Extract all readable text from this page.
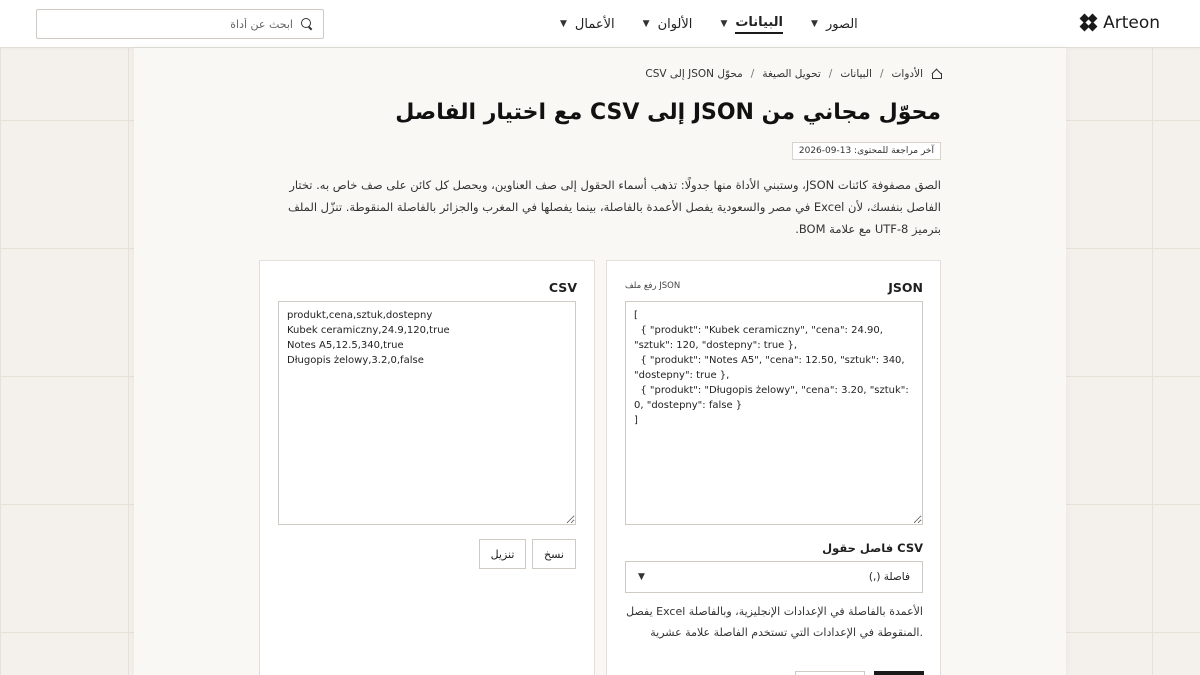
Arteon
الصور
▼
البيانات
▼
الألوان
▼
الأعمال
▼
ابحث عن أداة
الأدوات
/
البيانات
/
تحويل الصيغة
/
محوّل JSON إلى CSV
محوّل مجاني من JSON إلى CSV مع اختيار الفاصل
آخر مراجعة للمحتوى: 13-09-2026

الصق مصفوفة كائنات JSON، وستبني الأداة منها جدولًا: تذهب أسماء الحقول إلى صف العناوين، ويحصل كل كائن على صف خاص به. تختار الفاصل بنفسك، لأن Excel في مصر والسعودية يفصل الأعمدة بالفاصلة، بينما يفصلها في المغرب والجزائر بالفاصلة المنقوطة. تنزّل الملف بترميز UTF-8 مع علامة BOM.

JSON
رفع ملف JSON
[
{ "produkt": "Kubek ceramiczny", "cena": 24.90, "sztuk": 120, "dostepny": true },
{ "produkt": "Notes A5", "cena": 12.50, "sztuk": 340, "dostepny": true },
{ "produkt": "Długopis żelowy", "cena": 3.20, "sztuk": 0, "dostepny": false }
]
فاصل حقول CSV
فاصلة (,)
▼

يفصل Excel الأعمدة بالفاصلة في الإعدادات الإنجليزية، وبالفاصلة المنقوطة في الإعدادات التي تستخدم الفاصلة علامة عشرية.

CSV
produkt,cena,sztuk,dostepny
Kubek ceramiczny,24.9,120,true
Notes A5,12.5,340,true
Długopis żelowy,3.2,0,false
نسخ
تنزيل
